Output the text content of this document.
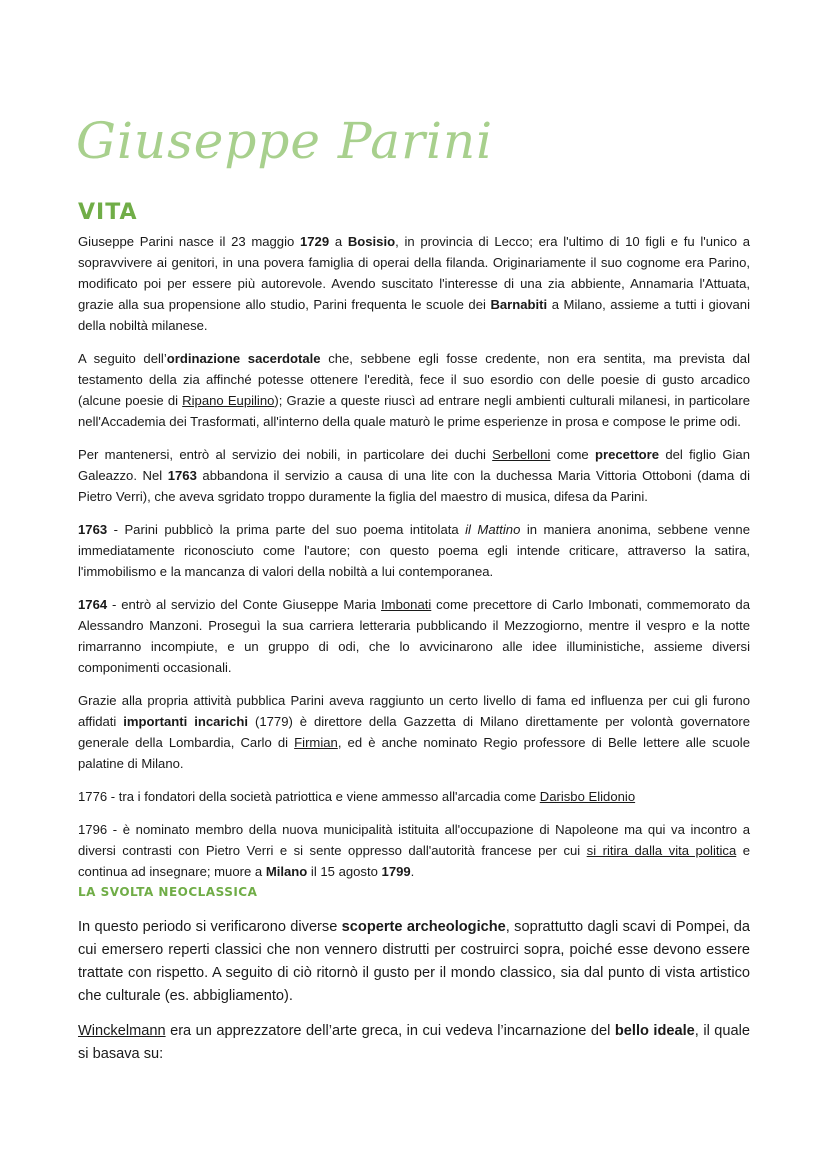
Giuseppe Parini
VITA

Giuseppe Parini nasce il 23 maggio 1729 a Bosisio, in provincia di Lecco; era l'ultimo di 10 figli e fu l'unico a sopravvivere ai genitori, in una povera famiglia di operai della filanda. Originariamente il suo cognome era Parino, modificato poi per essere più autorevole. Avendo suscitato l'interesse di una zia abbiente, Annamaria l'Attuata, grazie alla sua propensione allo studio, Parini frequenta le scuole dei Barnabiti a Milano, assieme a tutti i giovani della nobiltà milanese.

A seguito dell’ordinazione sacerdotale che, sebbene egli fosse credente, non era sentita, ma prevista dal testamento della zia affinché potesse ottenere l'eredità, fece il suo esordio con delle poesie di gusto arcadico (alcune poesie di Ripano Eupilino); Grazie a queste riuscì ad entrare negli ambienti culturali milanesi, in particolare nell'Accademia dei Trasformati, all'interno della quale maturò le prime esperienze in prosa e compose le prime odi.

Per mantenersi, entrò al servizio dei nobili, in particolare dei duchi Serbelloni come precettore del figlio Gian Galeazzo. Nel 1763 abbandona il servizio a causa di una lite con la duchessa Maria Vittoria Ottoboni (dama di Pietro Verri), che aveva sgridato troppo duramente la figlia del maestro di musica, difesa da Parini.

1763 - Parini pubblicò la prima parte del suo poema intitolata il Mattino in maniera anonima, sebbene venne immediatamente riconosciuto come l'autore; con questo poema egli intende criticare, attraverso la satira, l'immobilismo e la mancanza di valori della nobiltà a lui contemporanea.

1764 - entrò al servizio del Conte Giuseppe Maria Imbonati come precettore di Carlo Imbonati, commemorato da Alessandro Manzoni. Proseguì la sua carriera letteraria pubblicando il Mezzogiorno, mentre il vespro e la notte rimarranno incompiute, e un gruppo di odi, che lo avvicinarono alle idee illuministiche, assieme diversi componimenti occasionali.

Grazie alla propria attività pubblica Parini aveva raggiunto un certo livello di fama ed influenza per cui gli furono affidati importanti incarichi (1779) è direttore della Gazzetta di Milano direttamente per volontà governatore generale della Lombardia, Carlo di Firmian, ed è anche nominato Regio professore di Belle lettere alle scuole palatine di Milano.

1776 - tra i fondatori della società patriottica e viene ammesso all'arcadia come Darisbo Elidonio

1796 - è nominato membro della nuova municipalità istituita all'occupazione di Napoleone ma qui va incontro a diversi contrasti con Pietro Verri e si sente oppresso dall'autorità francese per cui si ritira dalla vita politica e continua ad insegnare; muore a Milano il 15 agosto 1799.

LA SVOLTA NEOCLASSICA

In questo periodo si verificarono diverse scoperte archeologiche, soprattutto dagli scavi di Pompei, da cui emersero reperti classici che non vennero distrutti per costruirci sopra, poiché esse devono essere trattate con rispetto. A seguito di ciò ritornò il gusto per il mondo classico, sia dal punto di vista artistico che culturale (es. abbigliamento).

Winckelmann era un apprezzatore dell’arte greca, in cui vedeva l’incarnazione del bello ideale, il quale si basava su:
